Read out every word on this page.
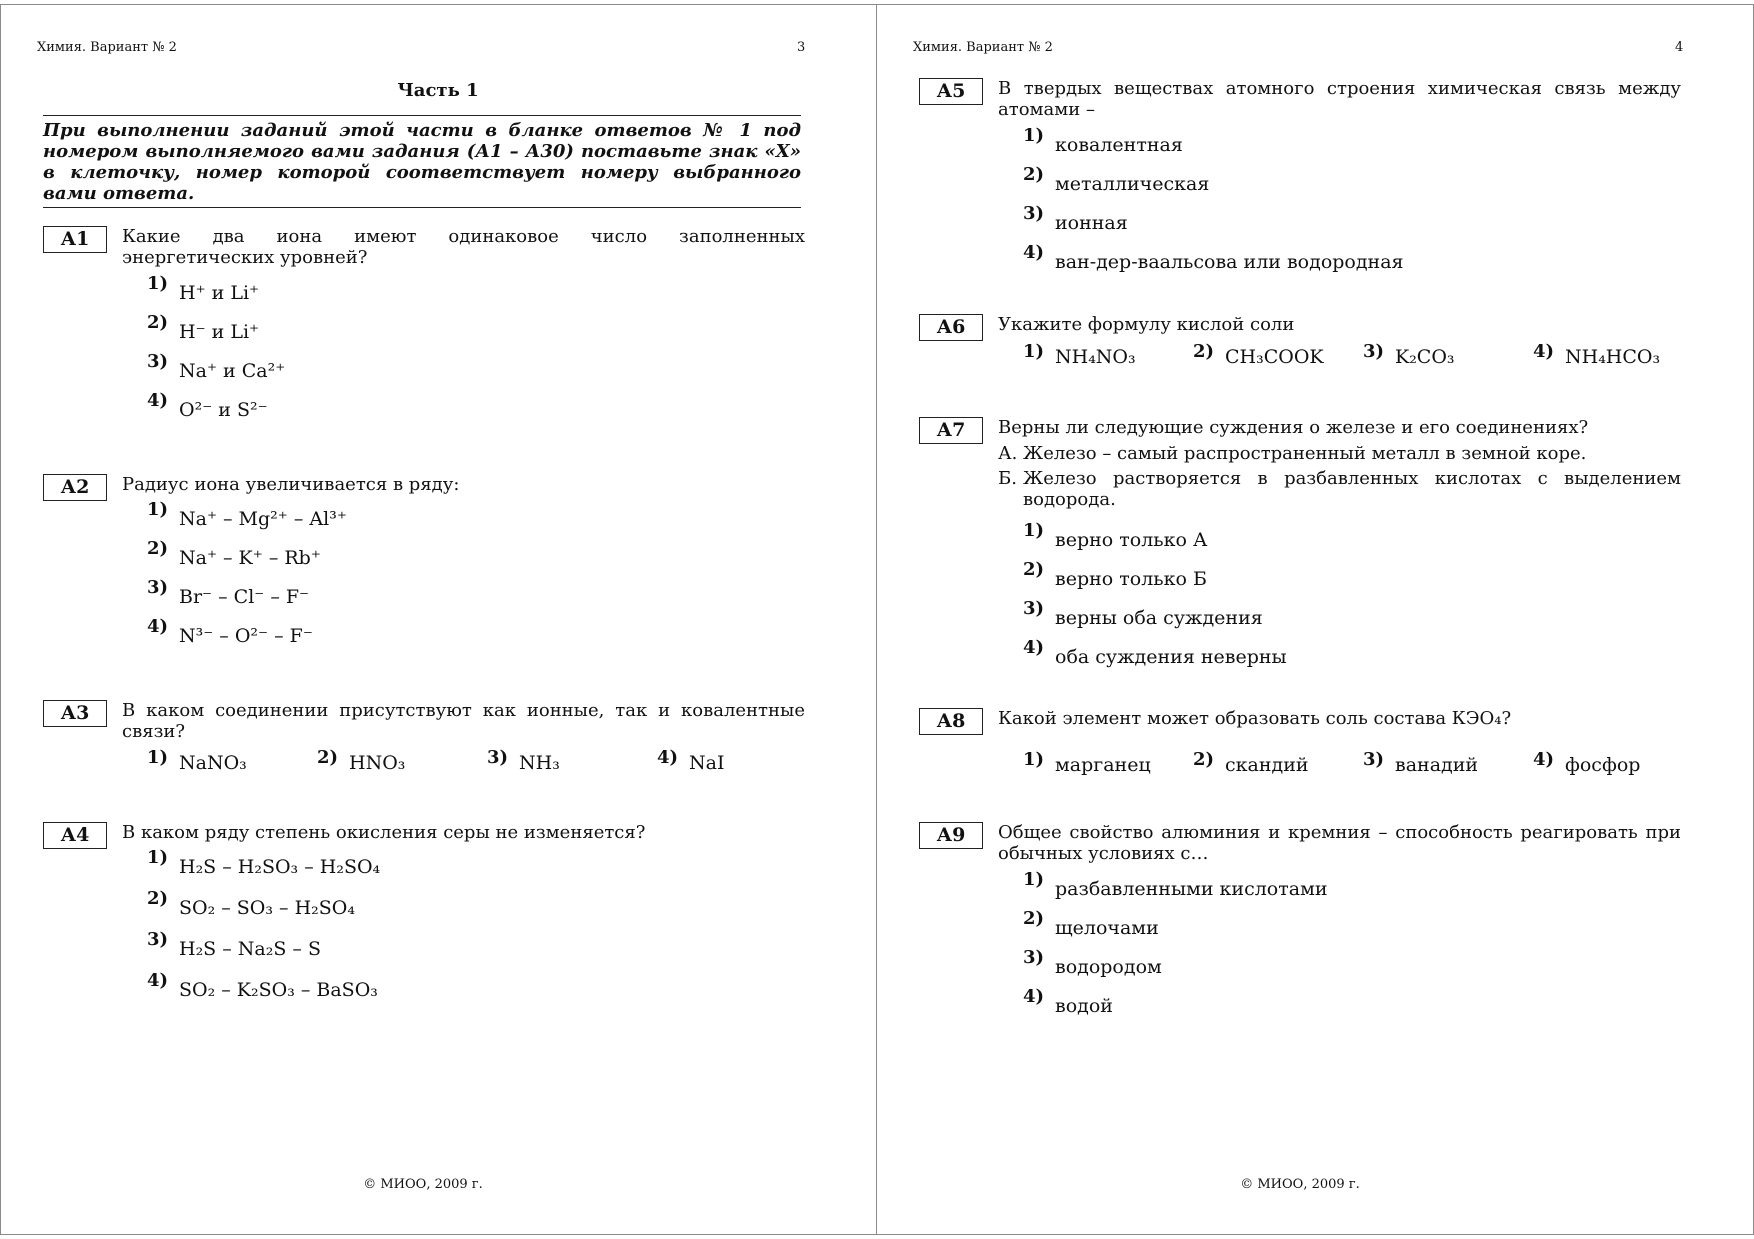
Химия. Вариант № 2	3
Часть 1
При выполнении заданий этой части в бланке ответов № 1 под номером выполняемого вами задания (А1 – А30) поставьте знак «Х» в клеточку, номер которой соответствует номеру выбранного вами ответа.
А1	Какие два иона имеют одинаковое число заполненных энергетических уровней?
1) H⁺ и Li⁺
2) H⁻ и Li⁺
3) Na⁺ и Ca²⁺
4) O²⁻ и S²⁻
А2	Радиус иона увеличивается в ряду:
1) Na⁺ – Mg²⁺ – Al³⁺
2) Na⁺ – K⁺ – Rb⁺
3) Br⁻ – Cl⁻ – F⁻
4) N³⁻ – O²⁻ – F⁻
А3	В каком соединении присутствуют как ионные, так и ковалентные связи?
1) NaNO₃	2) HNO₃	3) NH₃	4) NaI
А4	В каком ряду степень окисления серы не изменяется?
1) H₂S – H₂SO₃ – H₂SO₄
2) SO₂ – SO₃ – H₂SO₄
3) H₂S – Na₂S – S
4) SO₂ – K₂SO₃ – BaSO₃
© МИОО, 2009 г.
Химия. Вариант № 2	4
А5	В твердых веществах атомного строения химическая связь между атомами –
1) ковалентная
2) металлическая
3) ионная
4) ван-дер-ваальсова или водородная
А6	Укажите формулу кислой соли
1) NH₄NO₃	2) CH₃COOK 3) K₂CO₃	4) NH₄HCO₃
А7	Верны ли следующие суждения о железе и его соединениях?
А. Железо – самый распространенный металл в земной коре.
Б. Железо растворяется в разбавленных кислотах с выделением водорода.
1) верно только А
2) верно только Б
3) верны оба суждения
4) оба суждения неверны
А8	Какой элемент может образовать соль состава КЭО₄?
1) марганец 2) скандий	3) ванадий	4) фосфор
А9	Общее свойство алюминия и кремния – способность реагировать при обычных условиях с…
1) разбавленными кислотами
2) щелочами
3) водородом
4) водой
© МИОО, 2009 г.
